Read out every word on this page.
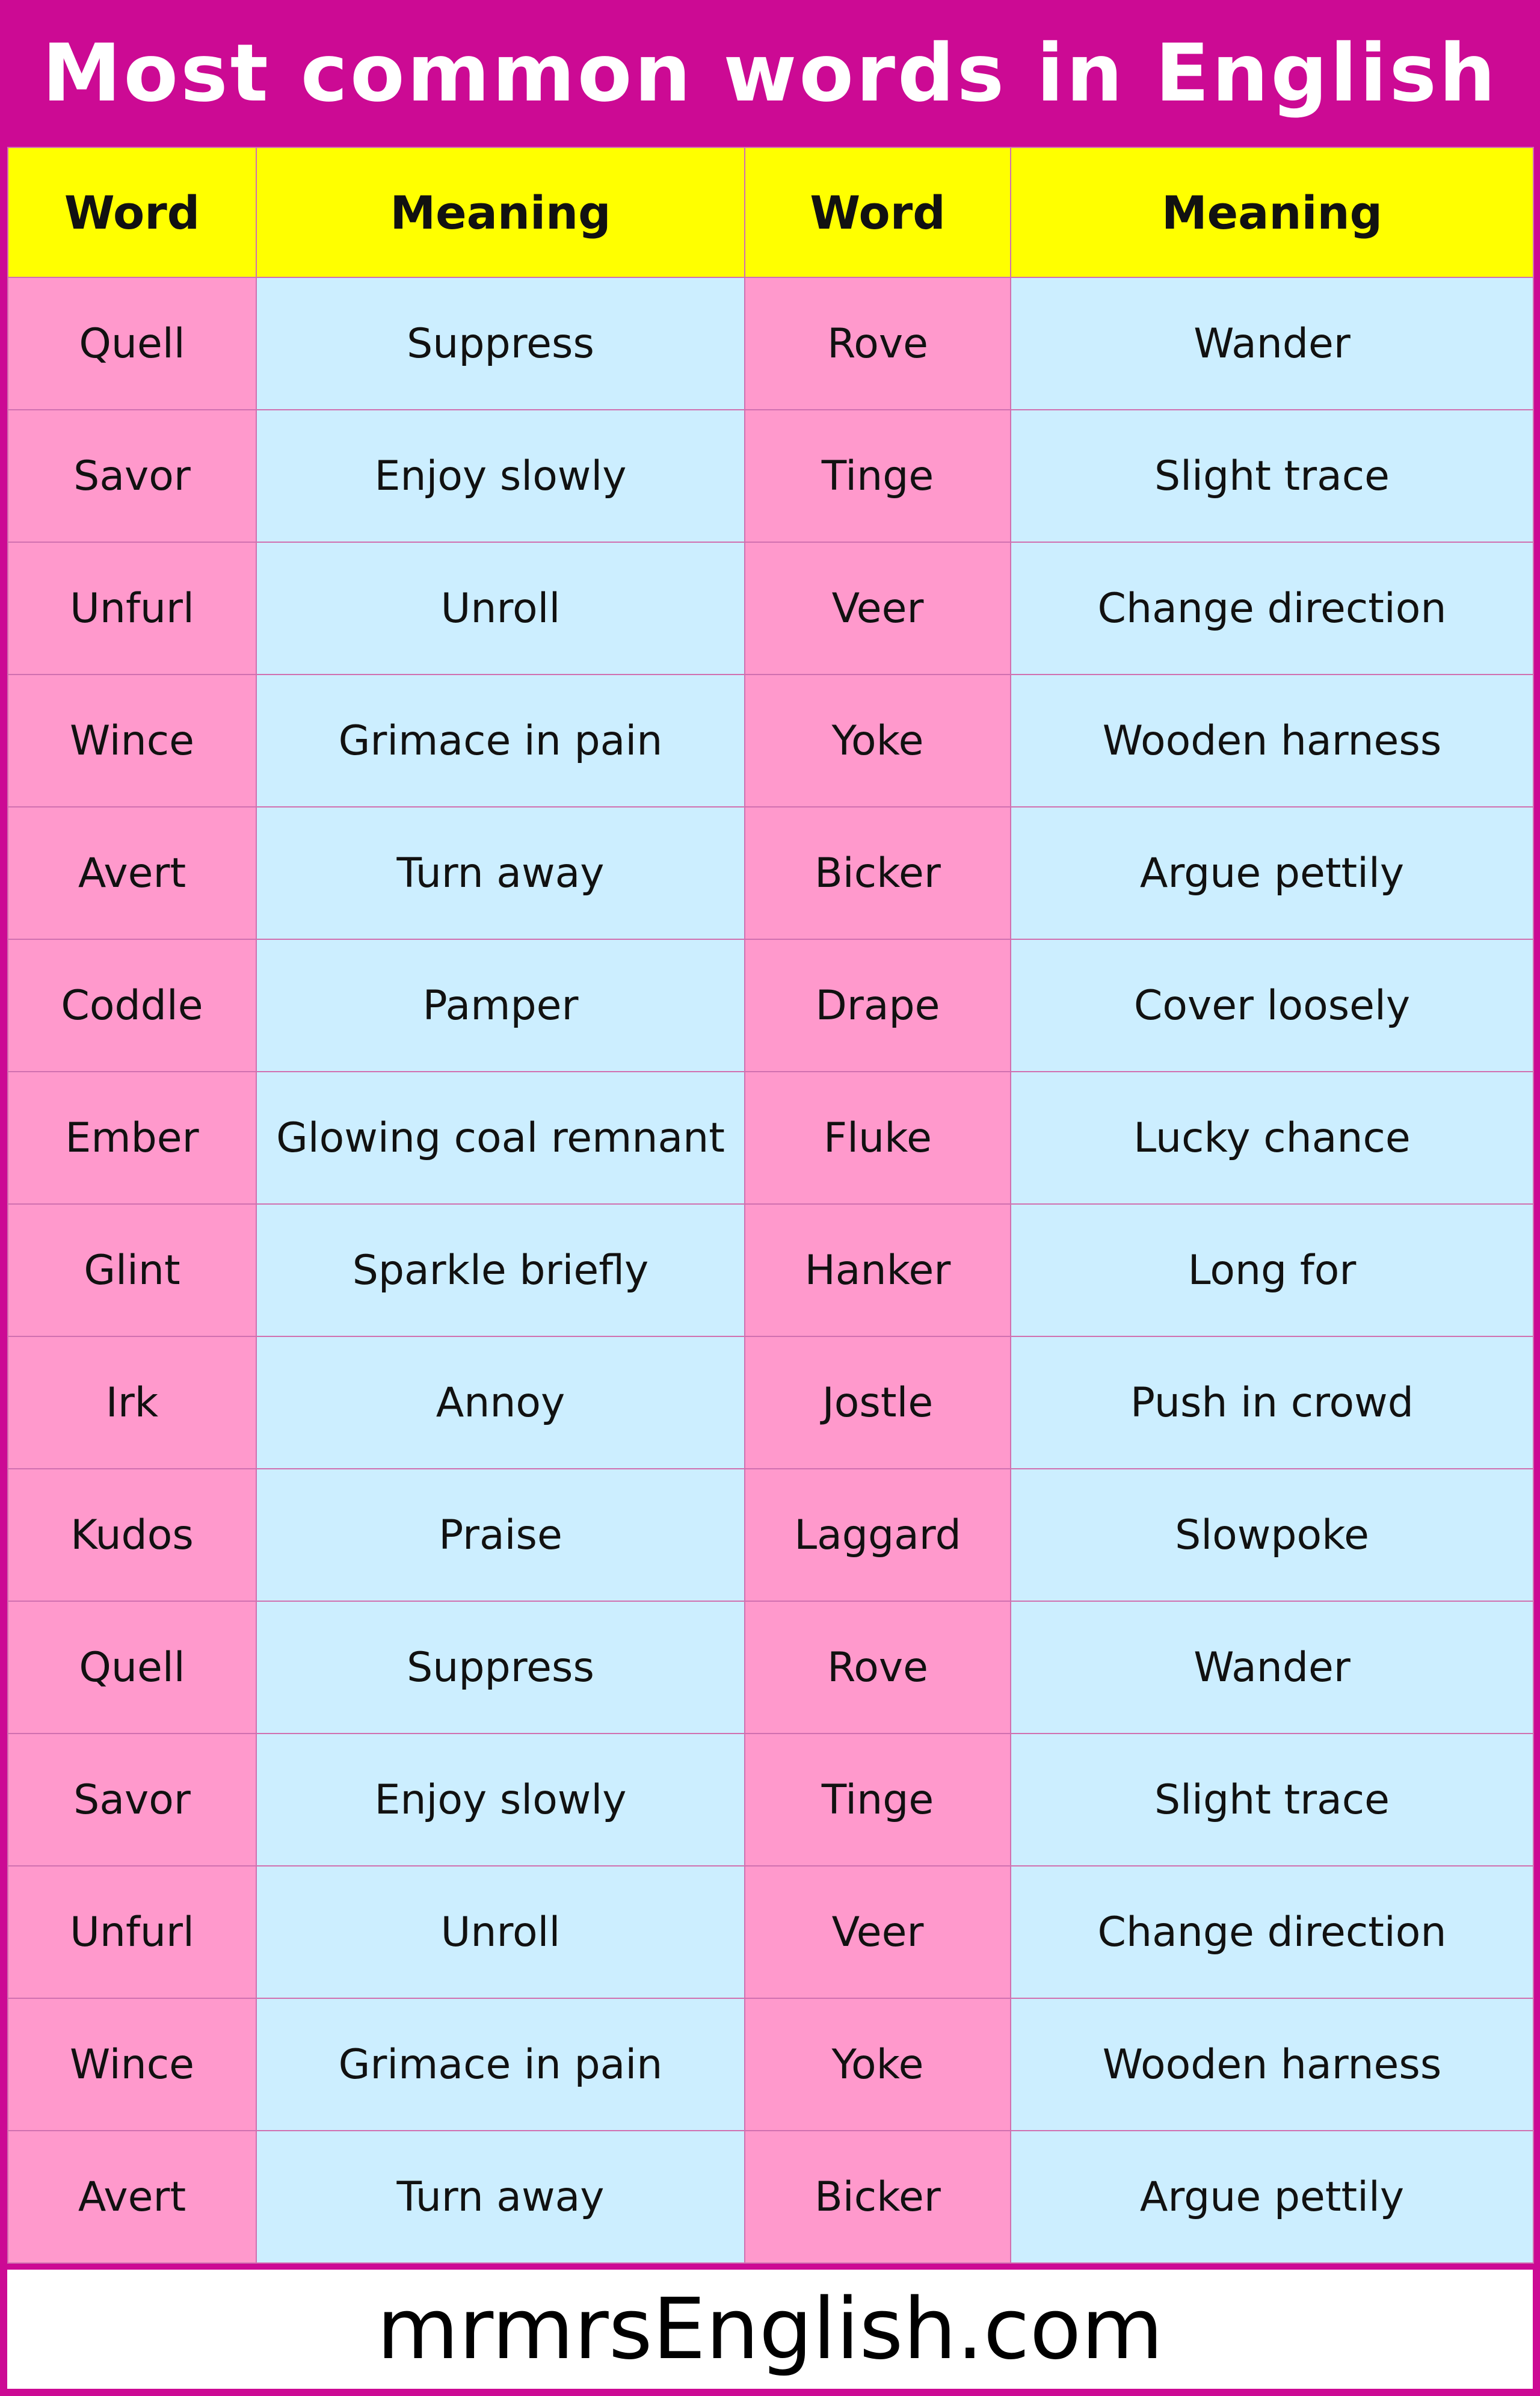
Most common words in English
Word	Meaning	Word	Meaning
Quell	Suppress	Rove	Wander
Savor	Enjoy slowly	Tinge	Slight trace
Unfurl	Unroll	Veer	Change direction
Wince	Grimace in pain	Yoke	Wooden harness
Avert	Turn away	Bicker	Argue pettily
Coddle	Pamper	Drape	Cover loosely
Ember	Glowing coal remnant	Fluke	Lucky chance
Glint	Sparkle briefly	Hanker	Long for
Irk	Annoy	Jostle	Push in crowd
Kudos	Praise	Laggard	Slowpoke
Quell	Suppress	Rove	Wander
Savor	Enjoy slowly	Tinge	Slight trace
Unfurl	Unroll	Veer	Change direction
Wince	Grimace in pain	Yoke	Wooden harness
Avert	Turn away	Bicker	Argue pettily
mrmrsEnglish.com
